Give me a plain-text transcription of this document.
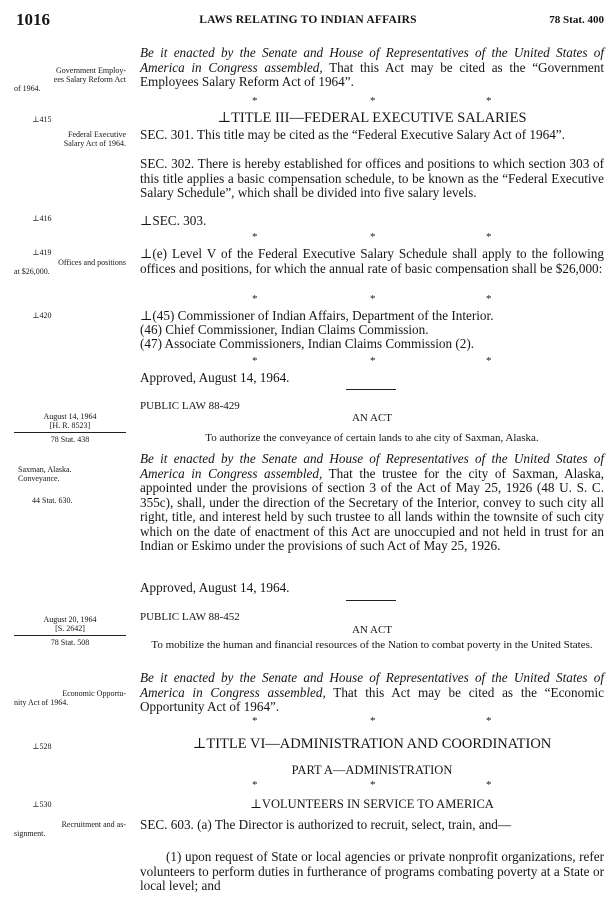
1016	LAWS RELATING TO INDIAN AFFAIRS	78 Stat. 400
Government Employ-
ees Salary Reform Act
of 1964.
⊥415
Federal Executive
Salary Act of 1964.
⊥416
⊥419
Offices and positions
at $26,000.
⊥420
August 14, 1964
[H. R. 8523]
78 Stat. 438
Saxman, Alaska.
Conveyance.
44 Stat. 630.
August 20, 1964
[S. 2642]
78 Stat. 508
Economic Opportu-
nity Act of 1964.
⊥528
⊥530
Recruitment and as-
signment.
Be it enacted by the Senate and House of Representatives of the United States of America in Congress assembled, That this Act may be cited as the “Government Employees Salary Reform Act of 1964”.
*	*	*
⊥TITLE III—FEDERAL EXECUTIVE SALARIES
SEC. 301. This title may be cited as the “Federal Executive Salary Act of 1964”.
SEC. 302. There is hereby established for offices and positions to which section 303 of this title applies a basic compensation schedule, to be known as the “Federal Executive Salary Schedule”, which shall be divided into five salary levels.
⊥SEC. 303.
*	*	*
⊥(e) Level V of the Federal Executive Salary Schedule shall apply to the following offices and positions, for which the annual rate of basic compensation shall be $26,000:
*	*	*
⊥(45) Commissioner of Indian Affairs, Department of the Interior.
(46) Chief Commissioner, Indian Claims Commission.
(47) Associate Commissioners, Indian Claims Commission (2).
*	*	*
Approved, August 14, 1964.
PUBLIC LAW 88-429
AN ACT
To authorize the conveyance of certain lands to ahe city of Saxman, Alaska.
Be it enacted by the Senate and House of Representatives of the United States of America in Congress assembled, That the trustee for the city of Saxman, Alaska, appointed under the provisions of section 3 of the Act of May 25, 1926 (48 U. S. C. 355c), shall, under the direction of the Secretary of the Interior, convey to such city all right, title, and interest held by such trustee to all lands within the townsite of such city which on the date of enactment of this Act are unoccupied and not held in trust for an Indian or Eskimo under the provisions of such Act of May 25, 1926.
Approved, August 14, 1964.
PUBLIC LAW 88-452
AN ACT
To mobilize the human and financial resources of the Nation to combat poverty in the United States.
Be it enacted by the Senate and House of Representatives of the United States of America in Congress assembled, That this Act may be cited as the “Economic Opportunity Act of 1964”.
*	*	*
⊥TITLE VI—ADMINISTRATION AND COORDINATION
PART A—ADMINISTRATION
*	*	*
⊥VOLUNTEERS IN SERVICE TO AMERICA
SEC. 603. (a) The Director is authorized to recruit, select, train, and—
(1) upon request of State or local agencies or private nonprofit organizations, refer volunteers to perform duties in furtherance of programs combating poverty at a State or local level; and
